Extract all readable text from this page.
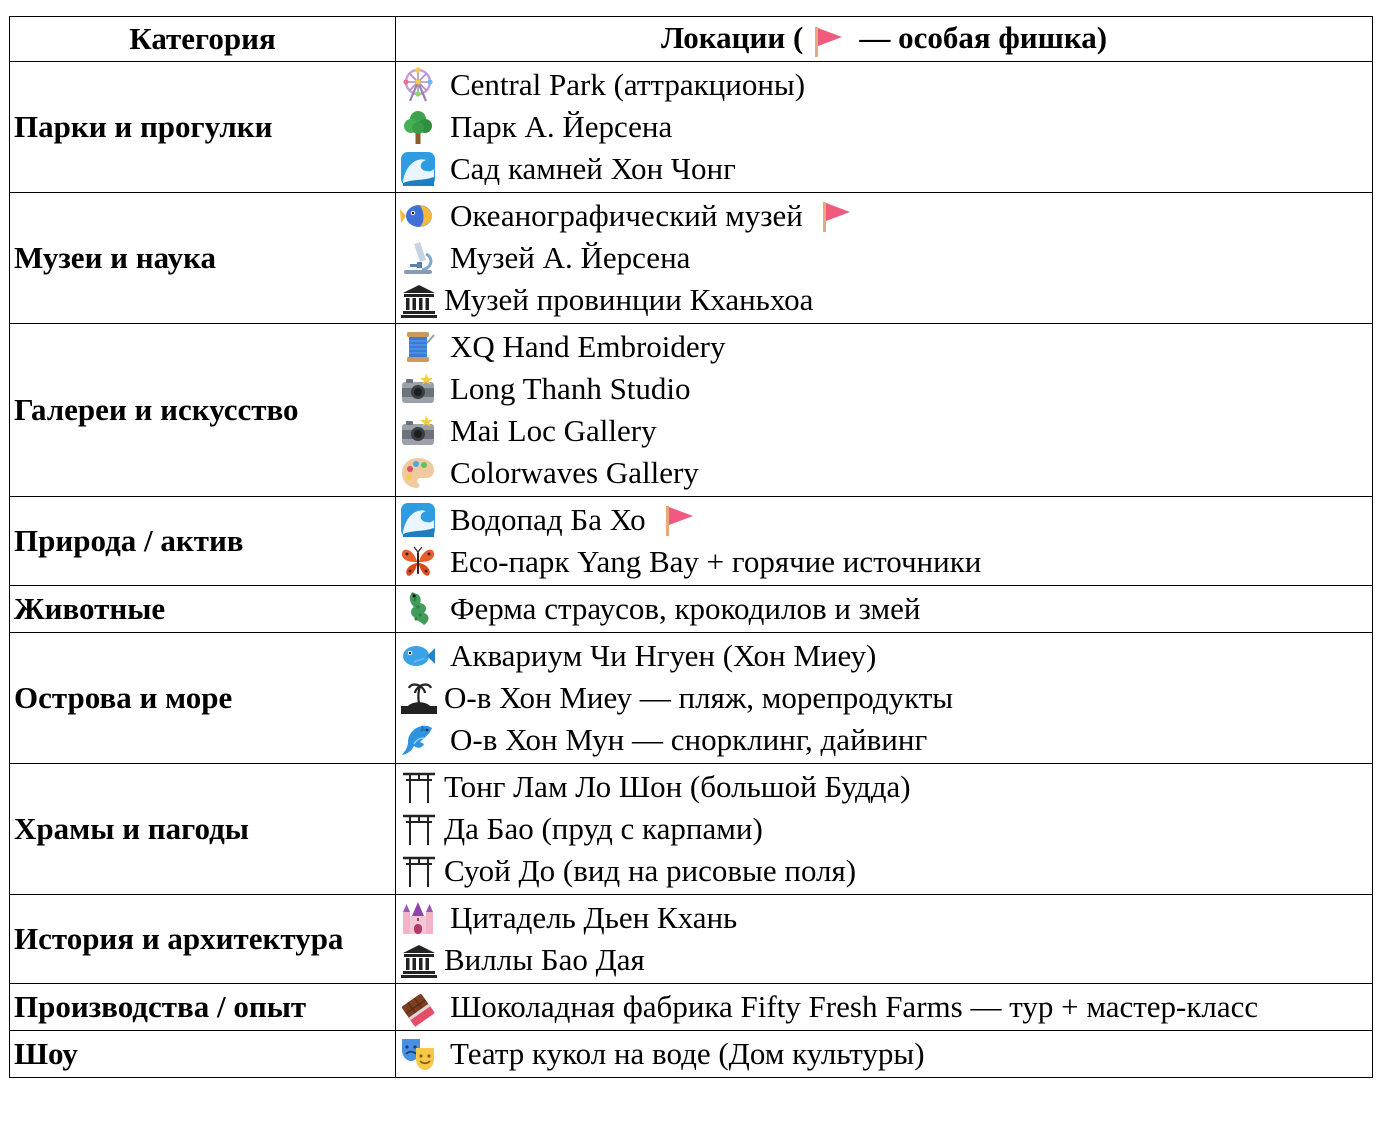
Категория	Локации ( — особая фишка)
Парки и прогулки	Central Park (аттракционы)
Парк А. Йерсена
Сад камней Хон Чонг

Музеи и наука	Океанографический музей
Музей А. Йерсена
Музей провинции Кханьхоа

Галереи и искусство	XQ Hand Embroidery
Long Thanh Studio
Mai Loc Gallery
Colorwaves Gallery

Природа / актив	Водопад Ба Хо
Eco-парк Yang Bay + горячие источники

Животные	Ферма страусов, крокодилов и змей

Острова и море	Аквариум Чи Нгуен (Хон Миеу)
О-в Хон Миеу — пляж, морепродукты
О-в Хон Мун — снорклинг, дайвинг

Храмы и пагоды	Тонг Лам Ло Шон (большой Будда)
Да Бао (пруд с карпами)
Суой До (вид на рисовые поля)

История и архитектура	Цитадель Дьен Кхань
Виллы Бао Дая

Производства / опыт	Шоколадная фабрика Fifty Fresh Farms — тур + мастер-класс

Шоу	Театр кукол на воде (Дом культуры)
